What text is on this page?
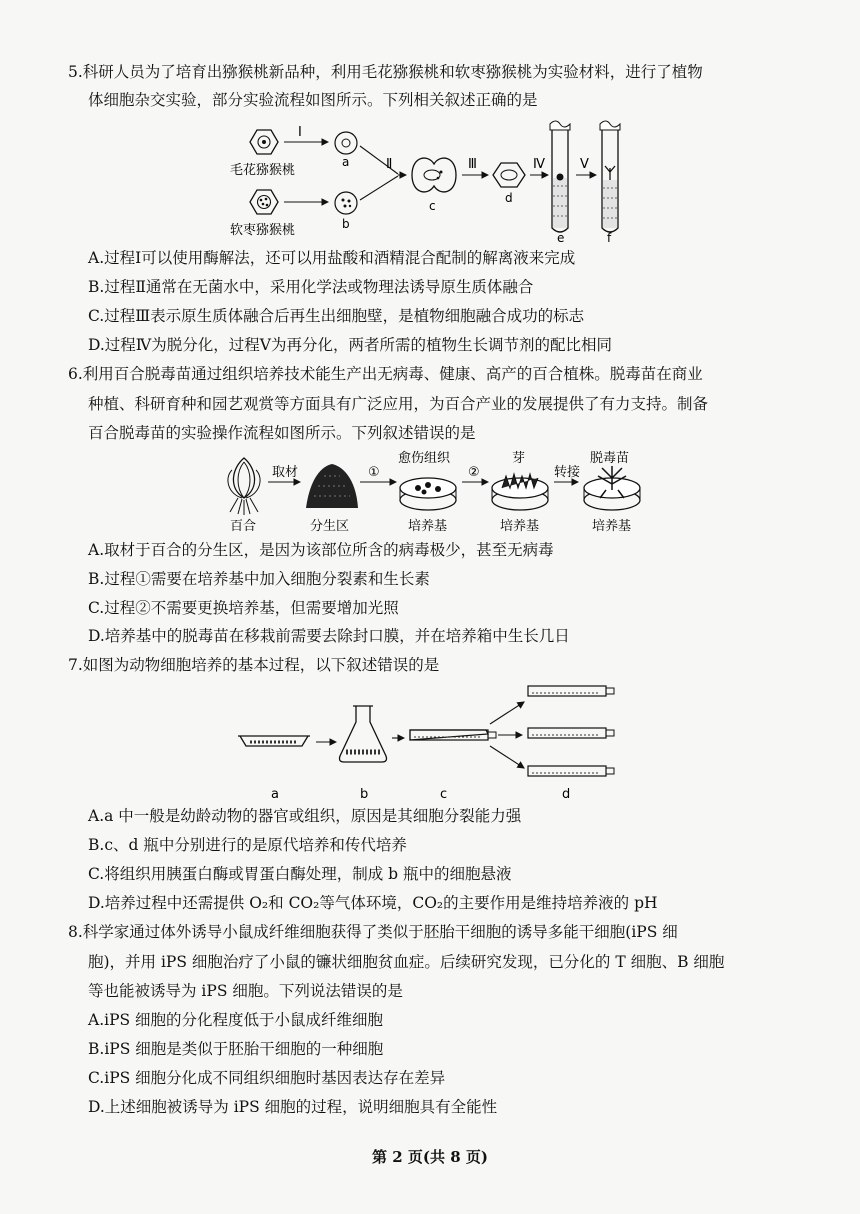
5.科研人员为了培育出猕猴桃新品种，利用毛花猕猴桃和软枣猕猴桃为实验材料，进行了植物
体细胞杂交实验，部分实验流程如图所示。下列相关叙述正确的是
Ⅰ
Ⅱ	Ⅲ	Ⅳ	Ⅴ
a
b
c
d
e	f
毛花猕猴桃
软枣猕猴桃
A.过程Ⅰ可以使用酶解法，还可以用盐酸和酒精混合配制的解离液来完成
B.过程Ⅱ通常在无菌水中，采用化学法或物理法诱导原生质体融合
C.过程Ⅲ表示原生质体融合后再生出细胞壁，是植物细胞融合成功的标志
D.过程Ⅳ为脱分化，过程Ⅴ为再分化，两者所需的植物生长调节剂的配比相同
6.利用百合脱毒苗通过组织培养技术能生产出无病毒、健康、高产的百合植株。脱毒苗在商业
种植、科研育种和园艺观赏等方面具有广泛应用，为百合产业的发展提供了有力支持。制备
百合脱毒苗的实验操作流程如图所示。下列叙述错误的是
百合
取材
分生区
①
愈伤组织
培养基
②
芽
培养基
转接
脱毒苗
培养基
A.取材于百合的分生区，是因为该部位所含的病毒极少，甚至无病毒
B.过程①需要在培养基中加入细胞分裂素和生长素
C.过程②不需要更换培养基，但需要增加光照
D.培养基中的脱毒苗在移栽前需要去除封口膜，并在培养箱中生长几日
7.如图为动物细胞培养的基本过程，以下叙述错误的是
a	b	c	d
A.a 中一般是幼龄动物的器官或组织，原因是其细胞分裂能力强
B.c、d 瓶中分别进行的是原代培养和传代培养
C.将组织用胰蛋白酶或胃蛋白酶处理，制成 b 瓶中的细胞悬液
D.培养过程中还需提供 O₂和 CO₂等气体环境，CO₂的主要作用是维持培养液的 pH
8.科学家通过体外诱导小鼠成纤维细胞获得了类似于胚胎干细胞的诱导多能干细胞(iPS 细
胞)，并用 iPS 细胞治疗了小鼠的镰状细胞贫血症。后续研究发现，已分化的 T 细胞、B 细胞
等也能被诱导为 iPS 细胞。下列说法错误的是
A.iPS 细胞的分化程度低于小鼠成纤维细胞
B.iPS 细胞是类似于胚胎干细胞的一种细胞
C.iPS 细胞分化成不同组织细胞时基因表达存在差异
D.上述细胞被诱导为 iPS 细胞的过程，说明细胞具有全能性
第 2 页(共 8 页)
